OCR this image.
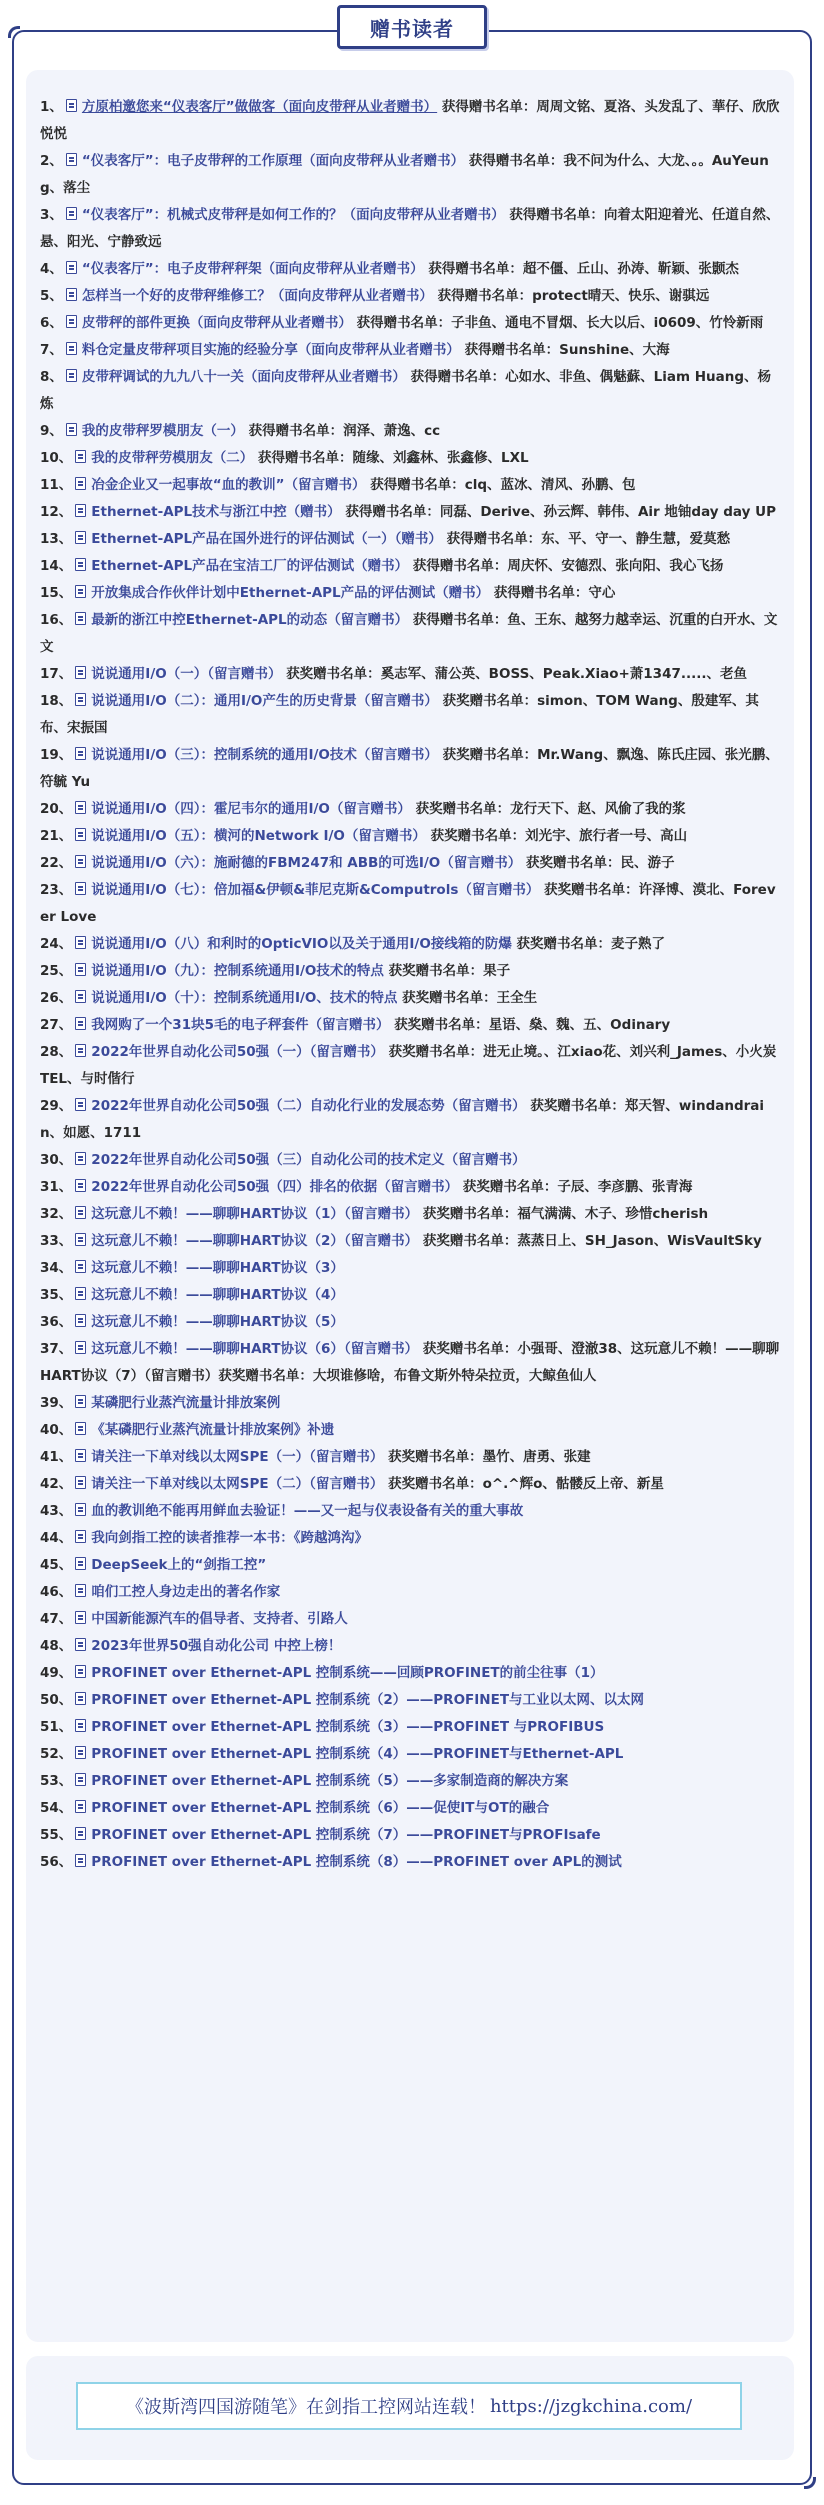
赠书读者
1、 方原柏邀您来“仪表客厅”做做客（面向皮带秤从业者赠书） 获得赠书名单：周周文铭、夏洛、头发乱了、華仔、欣欣悦悦
2、 “仪表客厅”：电子皮带秤的工作原理（面向皮带秤从业者赠书） 获得赠书名单：我不问为什么、大龙、。。AuYeung、落尘
3、 “仪表客厅”：机械式皮带秤是如何工作的？（面向皮带秤从业者赠书） 获得赠书名单：向着太阳迎着光、任道自然、悬、阳光、宁静致远
4、 “仪表客厅”：电子皮带秤秤架（面向皮带秤从业者赠书） 获得赠书名单：超不僵、丘山、孙涛、靳颖、张颢杰
5、 怎样当一个好的皮带秤维修工？（面向皮带秤从业者赠书） 获得赠书名单：protect晴天、快乐、谢骐远
6、 皮带秤的部件更换（面向皮带秤从业者赠书） 获得赠书名单：子非鱼、通电不冒烟、长大以后、i0609、竹怜新雨
7、 料仓定量皮带秤项目实施的经验分享（面向皮带秤从业者赠书） 获得赠书名单：Sunshine、大海
8、 皮带秤调试的九九八十一关（面向皮带秤从业者赠书） 获得赠书名单：心如水、非鱼、偶魅蘇、Liam Huang、杨炼
9、 我的皮带秤罗模朋友（一） 获得赠书名单：润泽、萧逸、cc
10、 我的皮带秤劳模朋友（二） 获得赠书名单：随缘、刘鑫林、张鑫修、LXL
11、 冶金企业又一起事故“血的教训”（留言赠书） 获得赠书名单：clq、蓝冰、清风、孙鹏、包
12、 Ethernet-APL技术与浙江中控（赠书） 获得赠书名单：同磊、Derive、孙云辉、韩伟、Air 地铀day day UP
13、 Ethernet-APL产品在国外进行的评估测试（一）（赠书） 获得赠书名单：东、平、守一、静生慧，爱莫愁
14、 Ethernet-APL产品在宝洁工厂的评估测试（赠书） 获得赠书名单：周庆怀、安德烈、张向阳、我心飞扬
15、 开放集成合作伙伴计划中Ethernet-APL产品的评估测试（赠书） 获得赠书名单：守心
16、 最新的浙江中控Ethernet-APL的动态（留言赠书） 获得赠书名单：鱼、王东、越努力越幸运、沉重的白开水、文文
17、 说说通用I/O（一）（留言赠书） 获奖赠书名单：奚志军、蒲公英、BOSS、Peak.Xiao+萧1347.....、老鱼
18、 说说通用I/O（二）：通用I/O产生的历史背景（留言赠书） 获奖赠书名单：simon、TOM Wang、殷建军、其布、宋振国
19、 说说通用I/O（三）：控制系统的通用I/O技术（留言赠书） 获奖赠书名单：Mr.Wang、飘逸、陈氏庄园、张光鹏、符毓 Yu
20、 说说通用I/O（四）：霍尼韦尔的通用I/O（留言赠书） 获奖赠书名单：龙行天下、赵、风偷了我的浆
21、 说说通用I/O（五）：横河的Network I/O（留言赠书） 获奖赠书名单：刘光宇、旅行者一号、高山
22、 说说通用I/O（六）：施耐德的FBM247和 ABB的可选I/O（留言赠书） 获奖赠书名单：民、游子
23、 说说通用I/O（七）：倍加福&伊顿&菲尼克斯&Computrols（留言赠书） 获奖赠书名单：许泽博、漠北、Forever Love
24、 说说通用I/O（八）和利时的OpticVIO以及关于通用I/O接线箱的防爆 获奖赠书名单：麦子熟了
25、 说说通用I/O（九）：控制系统通用I/O技术的特点 获奖赠书名单：果子
26、 说说通用I/O（十）：控制系统通用I/O、技术的特点 获奖赠书名单：王全生
27、 我网购了一个31块5毛的电子秤套件（留言赠书） 获奖赠书名单：星语、燊、魏、五、Odinary
28、 2022年世界自动化公司50强（一）（留言赠书） 获奖赠书名单：进无止境。、江xiao花、刘兴利_James、小火炭TEL、与时偕行
29、 2022年世界自动化公司50强（二）自动化行业的发展态势（留言赠书） 获奖赠书名单：郑天智、windandrain、如愿、1711
30、 2022年世界自动化公司50强（三）自动化公司的技术定义（留言赠书）
31、 2022年世界自动化公司50强（四）排名的依据（留言赠书） 获奖赠书名单：子辰、李彦鹏、张青海
32、 这玩意儿不赖！——聊聊HART协议（1）（留言赠书） 获奖赠书名单：福气满满、木子、珍惜cherish
33、 这玩意儿不赖！——聊聊HART协议（2）（留言赠书） 获奖赠书名单：蒸蒸日上、SH_Jason、WisVaultSky
34、 这玩意儿不赖！——聊聊HART协议（3）
35、 这玩意儿不赖！——聊聊HART协议（4）
36、 这玩意儿不赖！——聊聊HART协议（5）
37、 这玩意儿不赖！——聊聊HART协议（6）（留言赠书） 获奖赠书名单：小强哥、澄澈38、这玩意儿不赖！——聊聊HART协议（7）（留言赠书）获奖赠书名单：大坝谁修啥，布鲁文斯外特朵拉贡，大鲸鱼仙人
39、 某磷肥行业蒸汽流量计排放案例
40、 《某磷肥行业蒸汽流量计排放案例》补遗
41、 请关注一下单对线以太网SPE（一）（留言赠书） 获奖赠书名单：墨竹、唐勇、张建
42、 请关注一下单对线以太网SPE（二）（留言赠书） 获奖赠书名单：o^.^辉o、骷髅反上帝、新星
43、 血的教训绝不能再用鲜血去验证！——又一起与仪表设备有关的重大事故
44、 我向剑指工控的读者推荐一本书：《跨越鸿沟》
45、 DeepSeek上的“剑指工控”
46、 咱们工控人身边走出的著名作家
47、 中国新能源汽车的倡导者、支持者、引路人
48、 2023年世界50强自动化公司 中控上榜！
49、 PROFINET over Ethernet-APL 控制系统——回顾PROFINET的前尘往事（1）
50、 PROFINET over Ethernet-APL 控制系统（2）——PROFINET与工业以太网、以太网
51、 PROFINET over Ethernet-APL 控制系统（3）——PROFINET 与PROFIBUS
52、 PROFINET over Ethernet-APL 控制系统（4）——PROFINET与Ethernet-APL
53、 PROFINET over Ethernet-APL 控制系统（5）——多家制造商的解决方案
54、 PROFINET over Ethernet-APL 控制系统（6）——促使IT与OT的融合
55、 PROFINET over Ethernet-APL 控制系统（7）——PROFINET与PROFIsafe
56、 PROFINET over Ethernet-APL 控制系统（8）——PROFINET over APL的测试
《波斯湾四国游随笔》在剑指工控网站连载！ https://jzgkchina.com/
